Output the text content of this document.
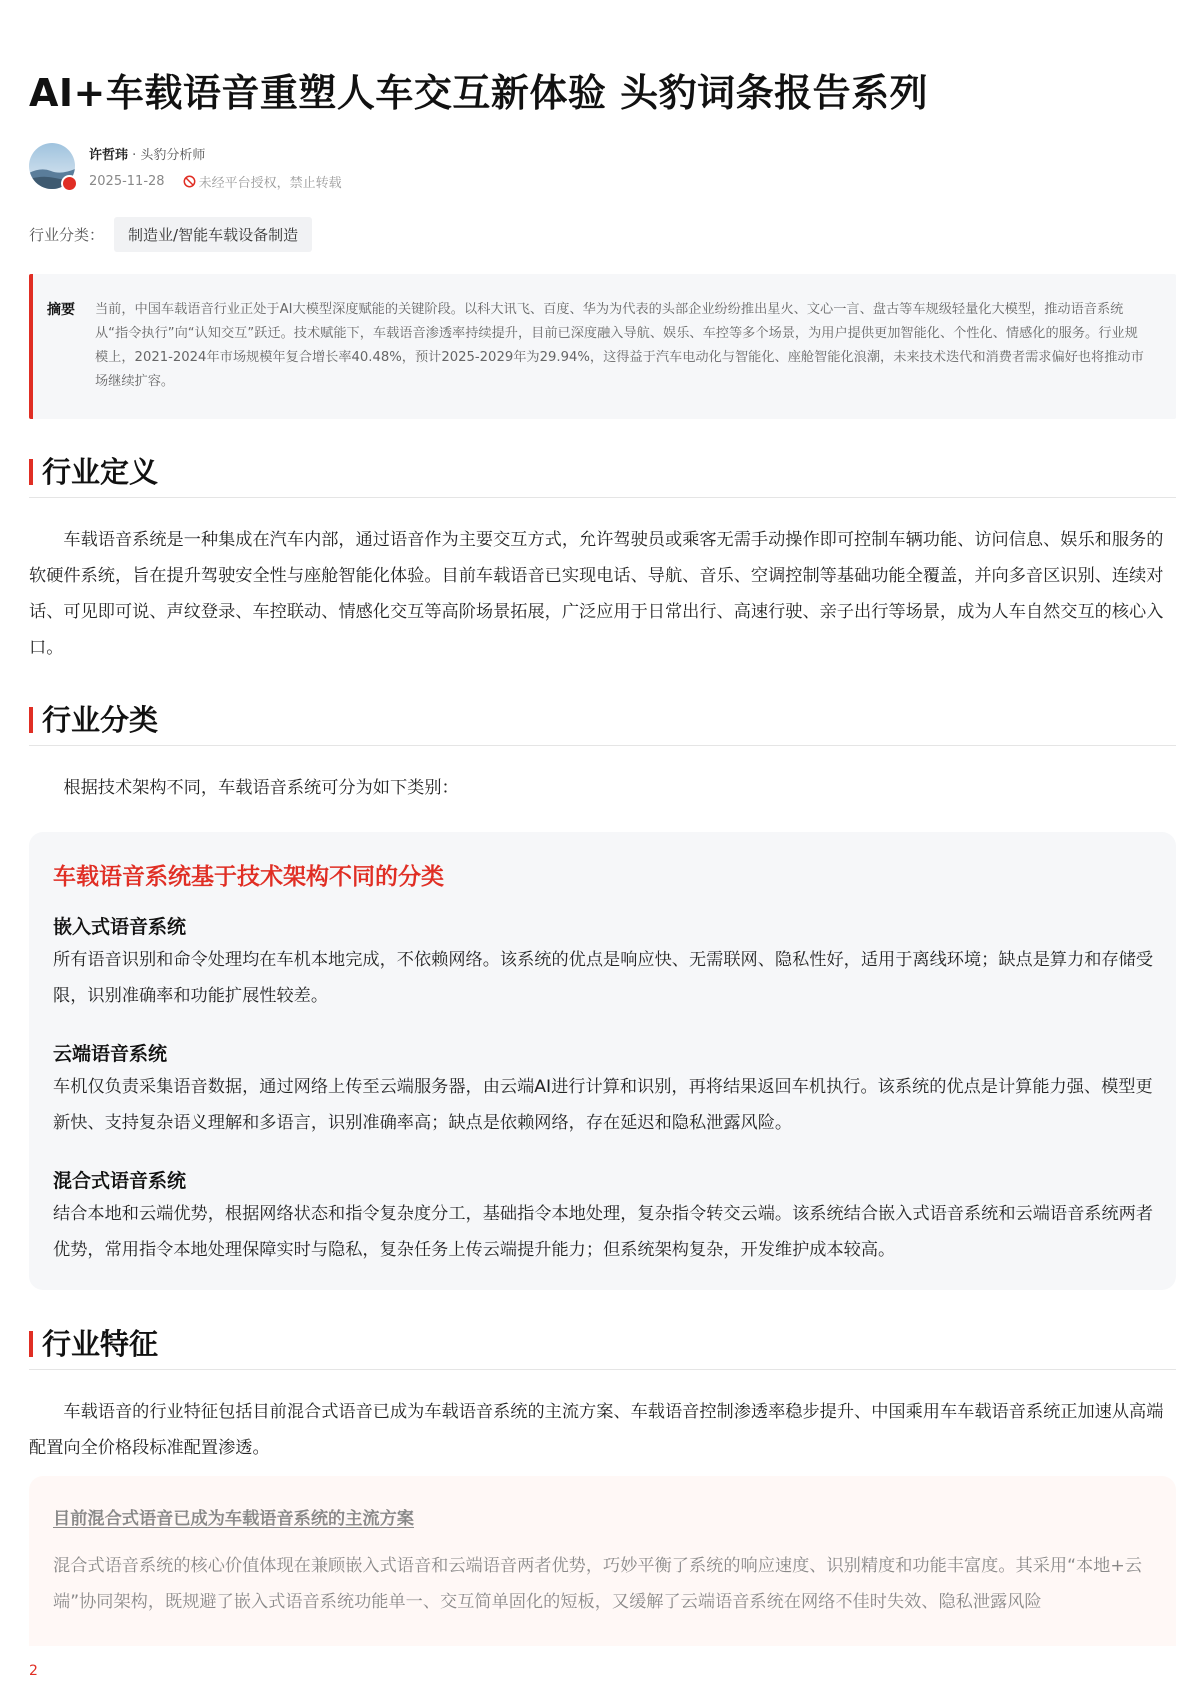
AI+车载语音重塑人车交互新体验 头豹词条报告系列
许哲玮 · 头豹分析师
2025-11-28	未经平台授权，禁止转载
行业分类：	制造业/智能车载设备制造
摘要	当前，中国车载语音行业正处于AI大模型深度赋能的关键阶段。以科大讯飞、百度、华为为代表的头部企业纷纷推出星火、文心一言、盘古等车规级轻量化大模型，推动语音系统从“指令执行”向“认知交互”跃迁。技术赋能下，车载语音渗透率持续提升，目前已深度融入导航、娱乐、车控等多个场景，为用户提供更加智能化、个性化、情感化的服务。行业规模上，2021-2024年市场规模年复合增长率40.48%，预计2025-2029年为29.94%，这得益于汽车电动化与智能化、座舱智能化浪潮，未来技术迭代和消费者需求偏好也将推动市场继续扩容。
行业定义

车载语音系统是一种集成在汽车内部，通过语音作为主要交互方式，允许驾驶员或乘客无需手动操作即可控制车辆功能、访问信息、娱乐和服务的软硬件系统，旨在提升驾驶安全性与座舱智能化体验。目前车载语音已实现电话、导航、音乐、空调控制等基础功能全覆盖，并向多音区识别、连续对话、可见即可说、声纹登录、车控联动、情感化交互等高阶场景拓展，广泛应用于日常出行、高速行驶、亲子出行等场景，成为人车自然交互的核心入口。

行业分类

根据技术架构不同，车载语音系统可分为如下类别：

车载语音系统基于技术架构不同的分类
嵌入式语音系统
所有语音识别和命令处理均在车机本地完成，不依赖网络。该系统的优点是响应快、无需联网、隐私性好，适用于离线环境；缺点是算力和存储受限，识别准确率和功能扩展性较差。
云端语音系统
车机仅负责采集语音数据，通过网络上传至云端服务器，由云端AI进行计算和识别，再将结果返回车机执行。该系统的优点是计算能力强、模型更新快、支持复杂语义理解和多语言，识别准确率高；缺点是依赖网络，存在延迟和隐私泄露风险。
混合式语音系统
结合本地和云端优势，根据网络状态和指令复杂度分工，基础指令本地处理，复杂指令转交云端。该系统结合嵌入式语音系统和云端语音系统两者优势，常用指令本地处理保障实时与隐私，复杂任务上传云端提升能力；但系统架构复杂，开发维护成本较高。
行业特征

车载语音的行业特征包括目前混合式语音已成为车载语音系统的主流方案、车载语音控制渗透率稳步提升、中国乘用车车载语音系统正加速从高端配置向全价格段标准配置渗透。

目前混合式语音已成为车载语音系统的主流方案
混合式语音系统的核心价值体现在兼顾嵌入式语音和云端语音两者优势，巧妙平衡了系统的响应速度、识别精度和功能丰富度。其采用“本地+云端”协同架构，既规避了嵌入式语音系统功能单一、交互简单固化的短板，又缓解了云端语音系统在网络不佳时失效、隐私泄露风险
2
